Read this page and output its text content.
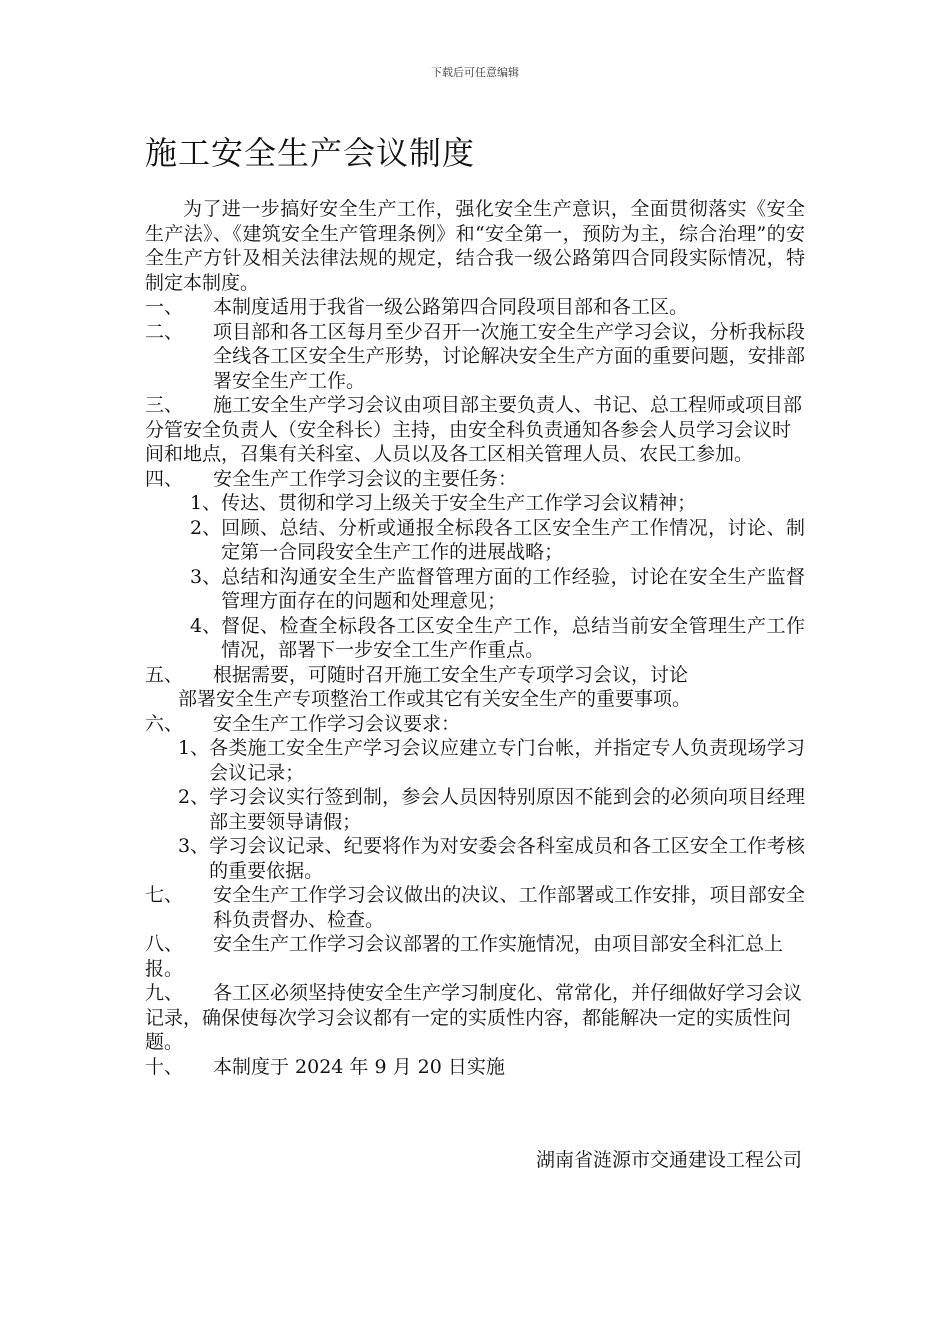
下载后可任意编辑
施工安全生产会议制度

为了进一步搞好安全生产工作，强化安全生产意识，全面贯彻落实《安全生产法》、《建筑安全生产管理条例》和“安全第一，预防为主，综合治理”的安全生产方针及相关法律法规的规定，结合我一级公路第四合同段实际情况，特制定本制度。

一、	本制度适用于我省一级公路第四合同段项目部和各工区。
二、	项目部和各工区每月至少召开一次施工安全生产学习会议，分析我标段全线各工区安全生产形势，讨论解决安全生产方面的重要问题，安排部署安全生产工作。
三、 施工安全生产学习会议由项目部主要负责人、书记、总工程师或项目部分管安全负责人（安全科长）主持，由安全科负责通知各参会人员学习会议时间和地点，召集有关科室、人员以及各工区相关管理人员、农民工参加。
四、	安全生产工作学习会议的主要任务：
1、 传达、贯彻和学习上级关于安全生产工作学习会议精神；
2、 回顾、总结、分析或通报全标段各工区安全生产工作情况，讨论、制定第一合同段安全生产工作的进展战略；
3、 总结和沟通安全生产监督管理方面的工作经验，讨论在安全生产监督管理方面存在的问题和处理意见；
4、 督促、检查全标段各工区安全生产工作，总结当前安全管理生产工作情况，部署下一步安全工生产作重点。
五、	根据需要，可随时召开施工安全生产专项学习会议，讨论
部署安全生产专项整治工作或其它有关安全生产的重要事项。
六、	安全生产工作学习会议要求：
1、 各类施工安全生产学习会议应建立专门台帐，并指定专人负责现场学习会议记录；
2、 学习会议实行签到制，参会人员因特别原因不能到会的必须向项目经理部主要领导请假；
3、 学习会议记录、纪要将作为对安委会各科室成员和各工区安全工作考核的重要依据。
七、	安全生产工作学习会议做出的决议、工作部署或工作安排，项目部安全科负责督办、检查。
八、 安全生产工作学习会议部署的工作实施情况，由项目部安全科汇总上报。
九、 各工区必须坚持使安全生产学习制度化、常常化，并仔细做好学习会议记录，确保使每次学习会议都有一定的实质性内容，都能解决一定的实质性问题。
十、	本制度于 2024 年 9 月 20 日实施
湖南省涟源市交通建设工程公司
